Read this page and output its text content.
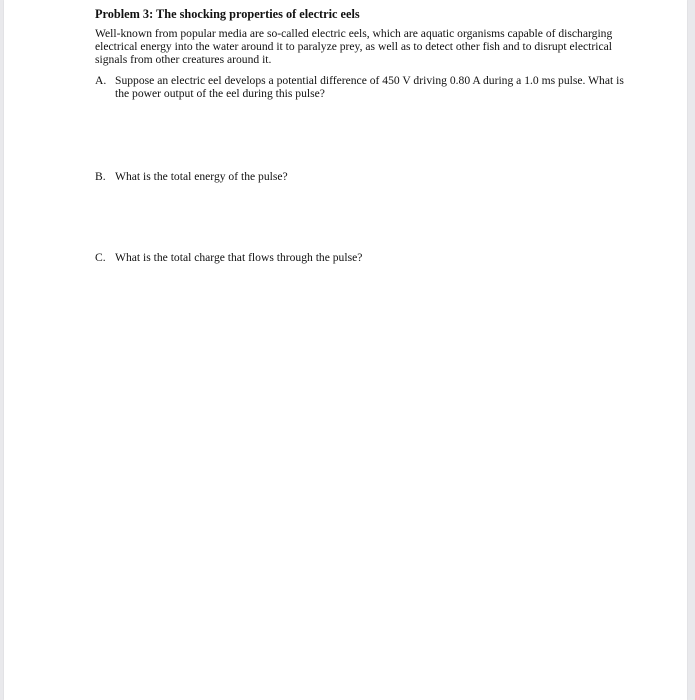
Problem 3: The shocking properties of electric eels

Well-known from popular media are so-called electric eels, which are aquatic organisms capable of discharging electrical energy into the water around it to paralyze prey, as well as to detect other fish and to disrupt electrical signals from other creatures around it.

A. Suppose an electric eel develops a potential difference of 450 V driving 0.80 A during a 1.0 ms pulse. What is the power output of the eel during this pulse?
B. What is the total energy of the pulse?
C. What is the total charge that flows through the pulse?
